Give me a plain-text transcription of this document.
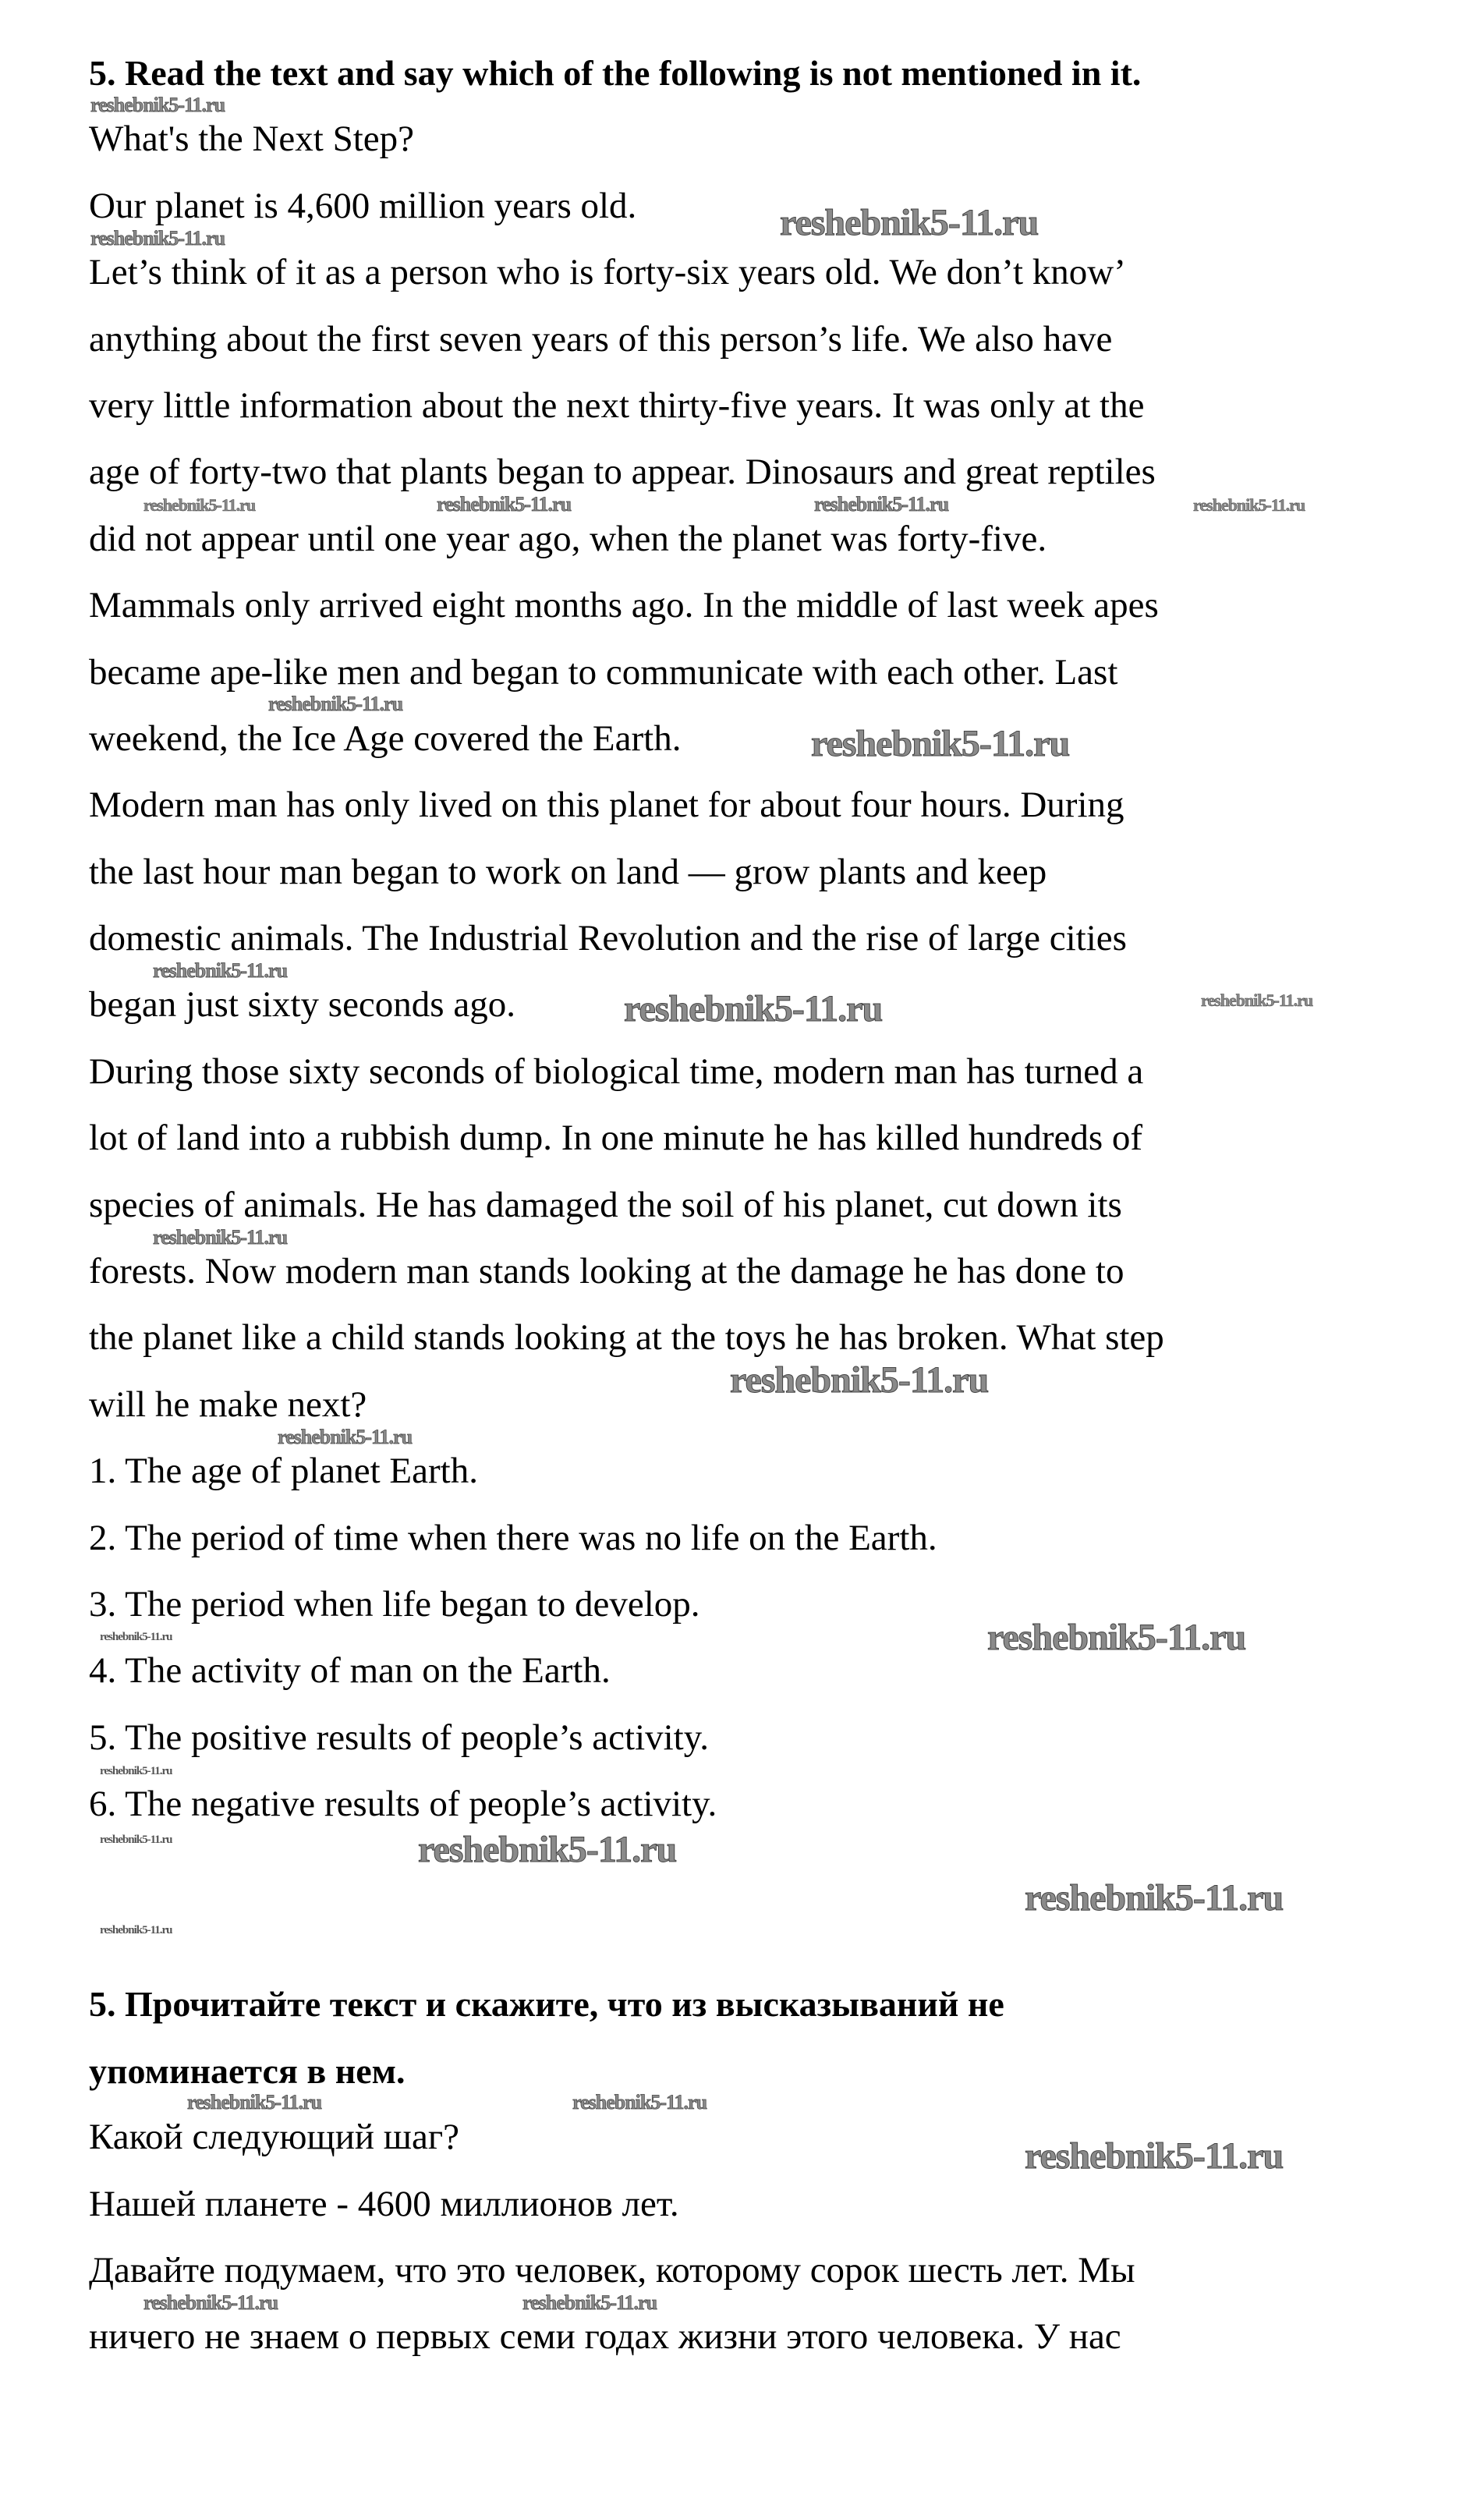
5. Read the text and say which of the following is not mentioned in it.
What's the Next Step?
Our planet is 4,600 million years old.
Let’s think of it as a person who is forty-six years old. We don’t know’
anything about the first seven years of this person’s life. We also have
very little information about the next thirty-five years. It was only at the
age of forty-two that plants began to appear. Dinosaurs and great reptiles
did not appear until one year ago, when the planet was forty-five.
Mammals only arrived eight months ago. In the middle of last week apes
became ape-like men and began to communicate with each other. Last
weekend, the Ice Age covered the Earth.
Modern man has only lived on this planet for about four hours. During
the last hour man began to work on land — grow plants and keep
domestic animals. The Industrial Revolution and the rise of large cities
began just sixty seconds ago.
During those sixty seconds of biological time, modern man has turned a
lot of land into a rubbish dump. In one minute he has killed hundreds of
species of animals. He has damaged the soil of his planet, cut down its
forests. Now modern man stands looking at the damage he has done to
the planet like a child stands looking at the toys he has broken. What step
will he make next?
1. The age of planet Earth.
2. The period of time when there was no life on the Earth.
3. The period when life began to develop.
4. The activity of man on the Earth.
5. The positive results of people’s activity.
6. The negative results of people’s activity.
5. Прочитайте текст и скажите, что из высказываний не
упоминается в нем.
Какой следующий шаг?
Нашей планете - 4600 миллионов лет.
Давайте подумаем, что это человек, которому сорок шесть лет. Мы
ничего не знаем о первых семи годах жизни этого человека. У нас
reshebnik5-11.ru
reshebnik5-11.ru
reshebnik5-11.ru
reshebnik5-11.ru	reshebnik5-11.ru	reshebnik5-11.ru	reshebnik5-11.ru
reshebnik5-11.ru
reshebnik5-11.ru
reshebnik5-11.ru
reshebnik5-11.ru	reshebnik5-11.ru
reshebnik5-11.ru
reshebnik5-11.ru
reshebnik5-11.ru
reshebnik5-11.ru	reshebnik5-11.ru
reshebnik5-11.ru
reshebnik5-11.ru	reshebnik5-11.ru
reshebnik5-11.ru
reshebnik5-11.ru
reshebnik5-11.ru	reshebnik5-11.ru
reshebnik5-11.ru
reshebnik5-11.ru	reshebnik5-11.ru
